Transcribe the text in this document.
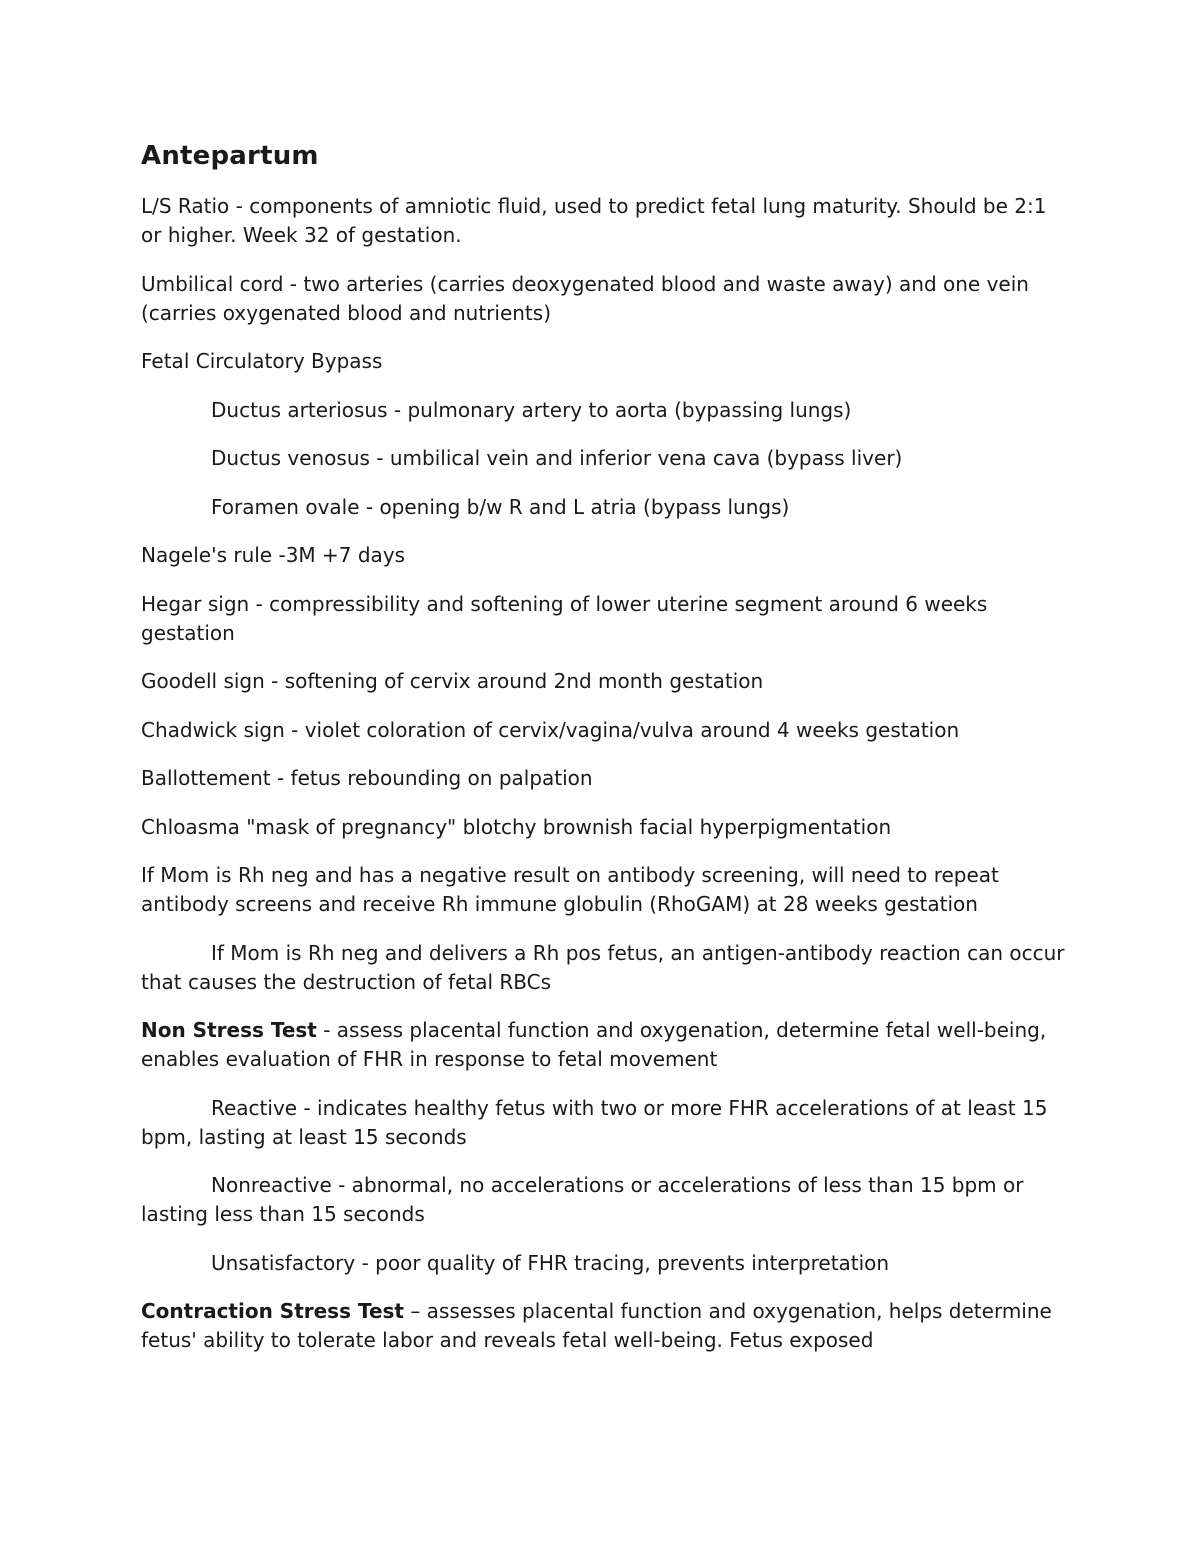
Antepartum
L/S Ratio - components of amniotic fluid, used to predict fetal lung maturity. Should be 2:1 or higher. Week 32 of gestation.
Umbilical cord - two arteries (carries deoxygenated blood and waste away) and one vein (carries oxygenated blood and nutrients)
Fetal Circulatory Bypass
Ductus arteriosus - pulmonary artery to aorta (bypassing lungs)
Ductus venosus - umbilical vein and inferior vena cava (bypass liver)
Foramen ovale - opening b/w R and L atria (bypass lungs)
Nagele's rule -3M +7 days
Hegar sign - compressibility and softening of lower uterine segment around 6 weeks gestation
Goodell sign - softening of cervix around 2nd month gestation
Chadwick sign - violet coloration of cervix/vagina/vulva around 4 weeks gestation
Ballottement - fetus rebounding on palpation
Chloasma "mask of pregnancy" blotchy brownish facial hyperpigmentation
If Mom is Rh neg and has a negative result on antibody screening, will need to repeat antibody screens and receive Rh immune globulin (RhoGAM) at 28 weeks gestation
If Mom is Rh neg and delivers a Rh pos fetus, an antigen-antibody reaction can occur that causes the destruction of fetal RBCs
Non Stress Test - assess placental function and oxygenation, determine fetal well-being, enables evaluation of FHR in response to fetal movement
Reactive - indicates healthy fetus with two or more FHR accelerations of at least 15 bpm, lasting at least 15 seconds
Nonreactive - abnormal, no accelerations or accelerations of less than 15 bpm or lasting less than 15 seconds
Unsatisfactory - poor quality of FHR tracing, prevents interpretation
Contraction Stress Test – assesses placental function and oxygenation, helps determine fetus' ability to tolerate labor and reveals fetal well-being. Fetus exposed
